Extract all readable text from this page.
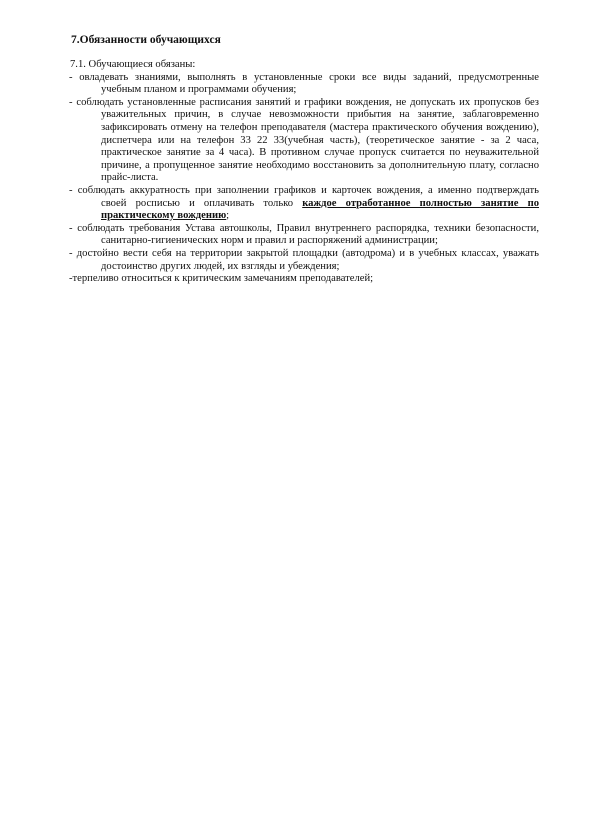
7.Обязанности обучающихся

7.1. Обучающиеся обязаны:

- овладевать знаниями, выполнять в установленные сроки все виды заданий, предусмотренные учебным планом и программами обучения;

- соблюдать установленные расписания занятий и графики вождения, не допускать их пропусков без уважительных причин, в случае невозможности прибытия на занятие, заблаговременно зафиксировать отмену на телефон преподавателя (мастера практического обучения вождению), диспетчера или на телефон 33 22 33(учебная часть), (теоретическое занятие - за 2 часа, практическое занятие за 4 часа). В противном случае пропуск считается по неуважительной причине, а пропущенное занятие необходимо восстановить за дополнительную плату, согласно прайс-листа.

- соблюдать аккуратность при заполнении графиков и карточек вождения, а именно подтверждать своей росписью и оплачивать только каждое отработанное полностью занятие по практическому вождению;

- соблюдать требования Устава автошколы, Правил внутреннего распорядка, техники безопасности, санитарно-гигиенических норм и правил и распоряжений администрации;

- достойно вести себя на территории закрытой площадки (автодрома) и в учебных классах, уважать достоинство других людей, их взгляды и убеждения;

-терпеливо относиться к критическим замечаниям преподавателей;
